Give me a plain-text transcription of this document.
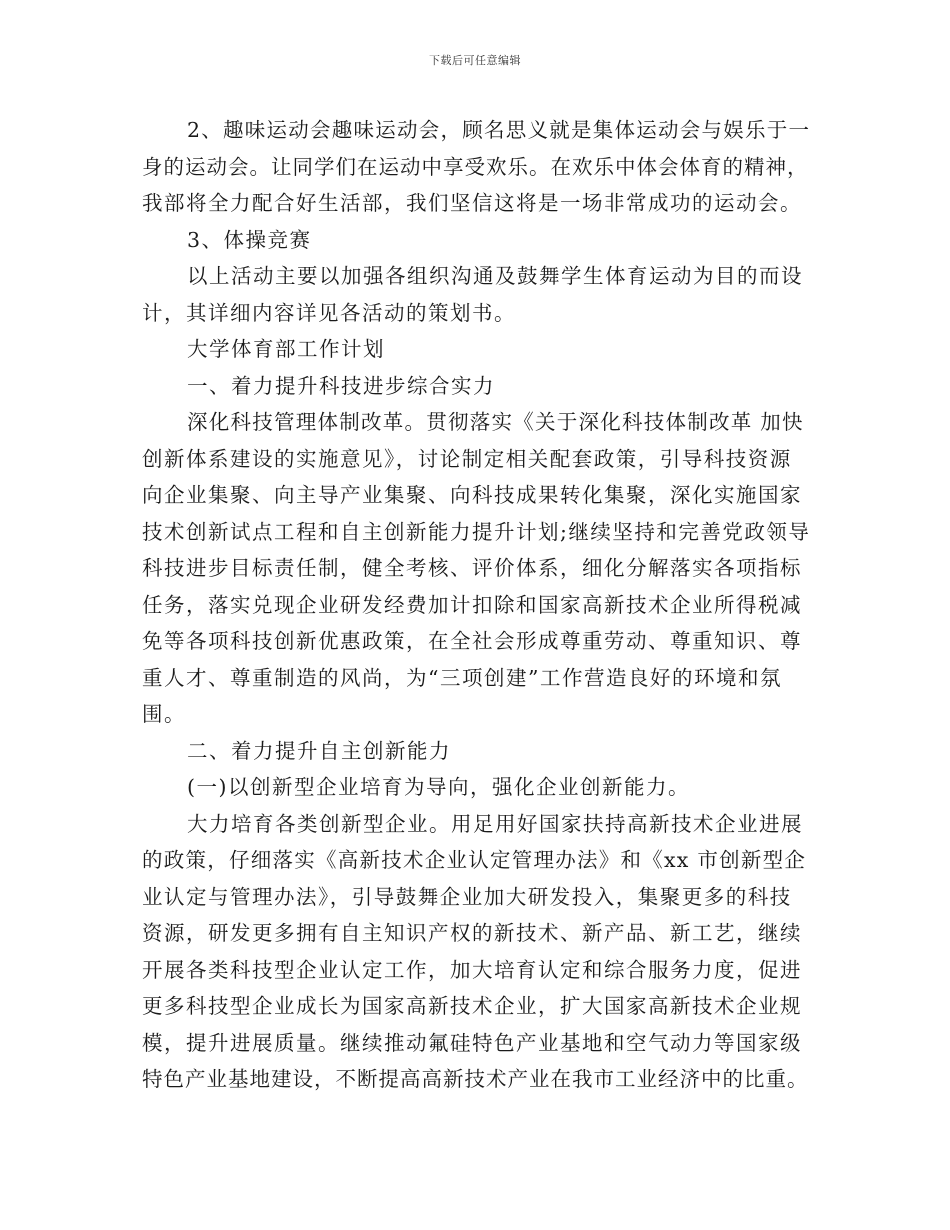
下载后可任意编辑
2、趣味运动会趣味运动会，顾名思义就是集体运动会与娱乐于一
身的运动会。让同学们在运动中享受欢乐。在欢乐中体会体育的精神，
我部将全力配合好生活部，我们坚信这将是一场非常成功的运动会。
3、体操竞赛
以上活动主要以加强各组织沟通及鼓舞学生体育运动为目的而设
计，其详细内容详见各活动的策划书。
大学体育部工作计划
一、着力提升科技进步综合实力
深化科技管理体制改革。贯彻落实《关于深化科技体制改革 加快
创新体系建设的实施意见》，讨论制定相关配套政策，引导科技资源
向企业集聚、向主导产业集聚、向科技成果转化集聚，深化实施国家
技术创新试点工程和自主创新能力提升计划;继续坚持和完善党政领导
科技进步目标责任制，健全考核、评价体系，细化分解落实各项指标
任务，落实兑现企业研发经费加计扣除和国家高新技术企业所得税减
免等各项科技创新优惠政策，在全社会形成尊重劳动、尊重知识、尊
重人才、尊重制造的风尚，为“三项创建”工作营造良好的环境和氛
围。
二、着力提升自主创新能力
(一)以创新型企业培育为导向，强化企业创新能力。
大力培育各类创新型企业。用足用好国家扶持高新技术企业进展
的政策，仔细落实《高新技术企业认定管理办法》和《xx 市创新型企
业认定与管理办法》，引导鼓舞企业加大研发投入，集聚更多的科技
资源，研发更多拥有自主知识产权的新技术、新产品、新工艺，继续
开展各类科技型企业认定工作，加大培育认定和综合服务力度，促进
更多科技型企业成长为国家高新技术企业，扩大国家高新技术企业规
模，提升进展质量。继续推动氟硅特色产业基地和空气动力等国家级
特色产业基地建设，不断提高高新技术产业在我市工业经济中的比重。
